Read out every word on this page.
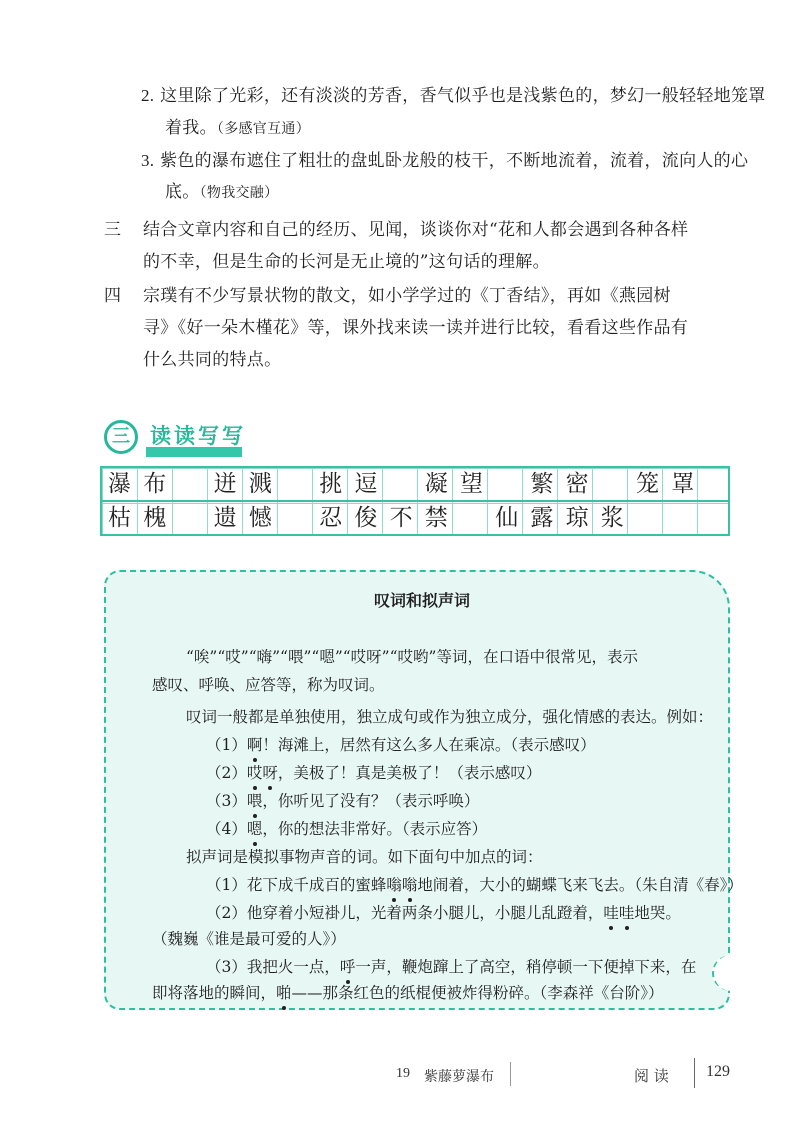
2. 这里除了光彩，还有淡淡的芳香，香气似乎也是浅紫色的，梦幻一般轻轻地笼罩
着我。（多感官互通）
3. 紫色的瀑布遮住了粗壮的盘虬卧龙般的枝干，不断地流着，流着，流向人的心
底。（物我交融）
三 结合文章内容和自己的经历、见闻，谈谈你对“花和人都会遇到各种各样
的不幸，但是生命的长河是无止境的”这句话的理解。
四 宗璞有不少写景状物的散文，如小学学过的《丁香结》，再如《燕园树
寻》《好一朵木槿花》等，课外找来读一读并进行比较，看看这些作品有
什么共同的特点。
三 读读写写
瀑 布 迸 溅 挑 逗 凝 望 繁 密 笼 罩
枯 槐 遗 憾 忍 俊 不 禁 仙 露 琼 浆
叹词和拟声词
“唉”“哎”“嗨”“喂”“嗯”“哎呀”“哎哟”等词，在口语中很常见，表示
感叹、呼唤、应答等，称为叹词。
叹词一般都是单独使用，独立成句或作为独立成分，强化情感的表达。例如：
（1）啊！海滩上，居然有这么多人在乘凉。（表示感叹）
（2）哎呀，美极了！真是美极了！（表示感叹）
（3）喂，你听见了没有？（表示呼唤）
（4）嗯，你的想法非常好。（表示应答）
拟声词是模拟事物声音的词。如下面句中加点的词：
（1）花下成千成百的蜜蜂嗡嗡地闹着，大小的蝴蝶飞来飞去。（朱自清《春》）
（2）他穿着小短褂儿，光着两条小腿儿，小腿儿乱蹬着，哇哇地哭。
（魏巍《谁是最可爱的人》）
（3）我把火一点，呼一声，鞭炮蹿上了高空，稍停顿一下便掉下来，在
即将落地的瞬间，啪——那条红色的纸棍便被炸得粉碎。（李森祥《台阶》）
19 紫藤萝瀑布	阅 读 129
